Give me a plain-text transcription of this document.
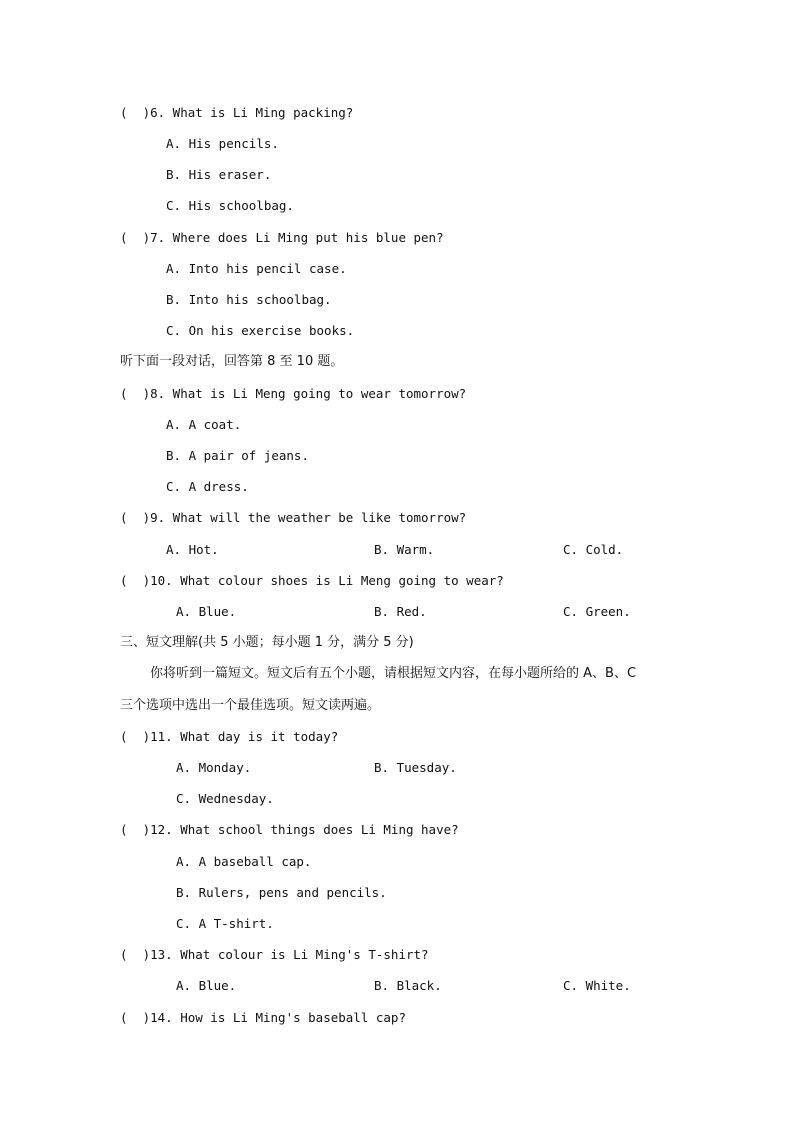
(  )6. What is Li Ming packing?
A. His pencils.
B. His eraser.
C. His schoolbag.
(  )7. Where does Li Ming put his blue pen?
A. Into his pencil case.
B. Into his schoolbag.
C. On his exercise books.
听下面一段对话，回答第 8 至 10 题。
(  )8. What is Li Meng going to wear tomorrow?
A. A coat.
B. A pair of jeans.
C. A dress.
(  )9. What will the weather be like tomorrow?
A. Hot.	B. Warm.	C. Cold.
(  )10. What colour shoes is Li Meng going to wear?
A. Blue.	B. Red.	C. Green.
三、短文理解(共 5 小题；每小题 1 分，满分 5 分)
你将听到一篇短文。短文后有五个小题，请根据短文内容，在每小题所给的 A、B、C
三个选项中选出一个最佳选项。短文读两遍。
(  )11. What day is it today?
A. Monday.	B. Tuesday.
C. Wednesday.
(  )12. What school things does Li Ming have?
A. A baseball cap.
B. Rulers, pens and pencils.
C. A T-shirt.
(  )13. What colour is Li Ming's T-shirt?
A. Blue.	B. Black.	C. White.
(  )14. How is Li Ming's baseball cap?
